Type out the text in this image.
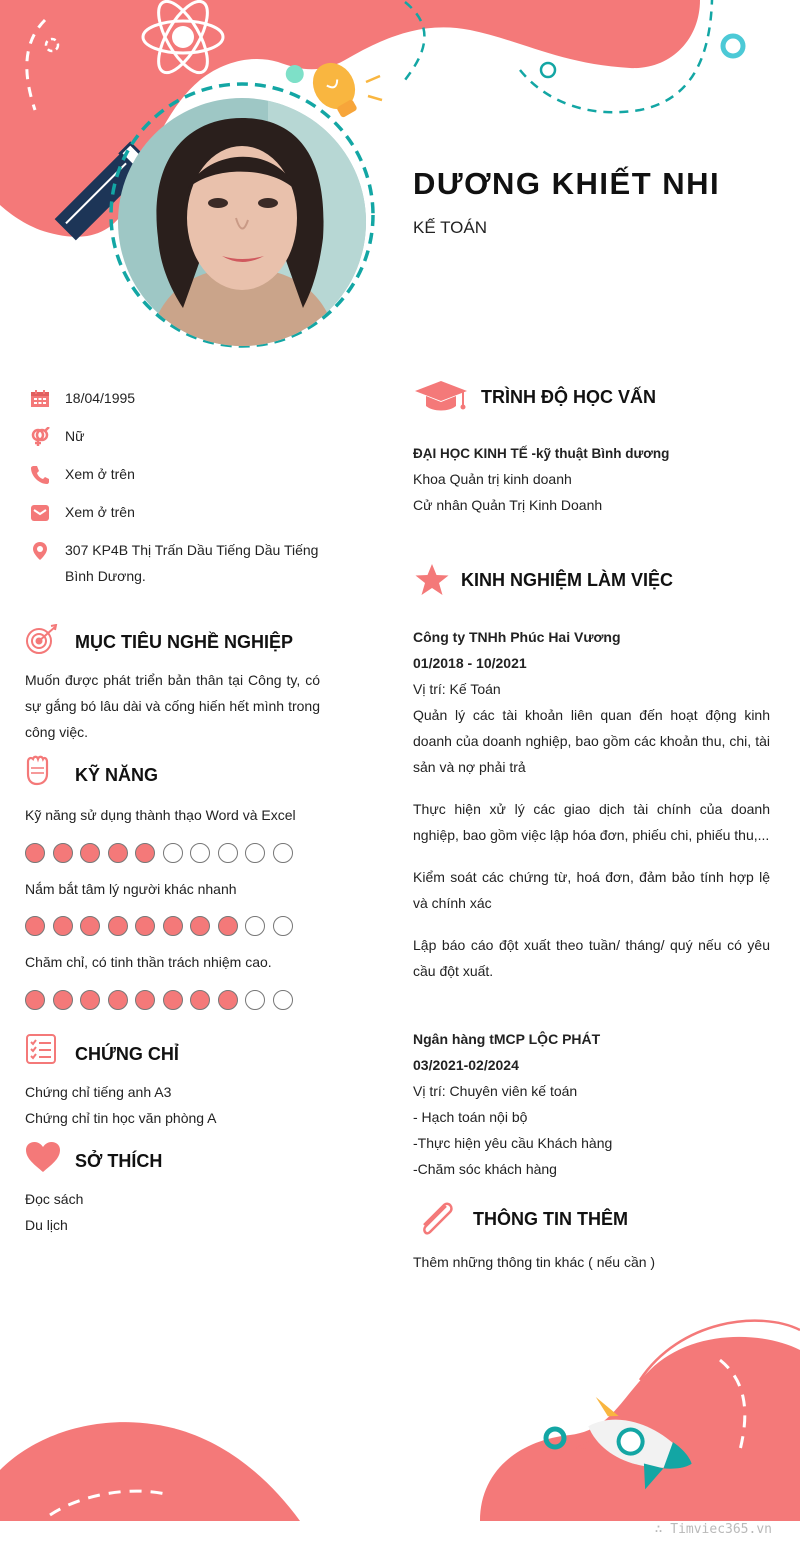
DƯƠNG KHIẾT NHI
KẾ TOÁN
18/04/1995
Nữ
Xem ở trên
Xem ở trên
307 KP4B Thị Trấn Dầu Tiếng Dầu Tiếng Bình Dương.
MỤC TIÊU NGHỀ NGHIỆP
Muốn được phát triển bản thân tại Công ty, có sự gắng bó lâu dài và cống hiến hết mình trong công việc.
KỸ NĂNG
Kỹ năng sử dụng thành thạo Word và Excel
Nắm bắt tâm lý người khác nhanh
Chăm chỉ, có tinh thần trách nhiệm cao.
CHỨNG CHỈ
Chứng chỉ tiếng anh A3
Chứng chỉ tin học văn phòng A
SỞ THÍCH
Đọc sách
Du lịch
TRÌNH ĐỘ HỌC VẤN
ĐẠI HỌC KINH TẾ -kỹ thuật Bình dương
Khoa Quản trị kinh doanh
Cử nhân Quản Trị Kinh Doanh
KINH NGHIỆM LÀM VIỆC

Công ty TNHh Phúc Hai Vương

01/2018 - 10/2021

Vị trí: Kế Toán

Quản lý các tài khoản liên quan đến hoạt động kinh doanh của doanh nghiệp, bao gồm các khoản thu, chi, tài sản và nợ phải trả

Thực hiện xử lý các giao dịch tài chính của doanh nghiệp, bao gồm việc lập hóa đơn, phiếu chi, phiếu thu,...

Kiểm soát các chứng từ, hoá đơn, đảm bảo tính hợp lệ và chính xác

Lập báo cáo đột xuất theo tuần/ tháng/ quý nếu có yêu cầu đột xuất.

Ngân hàng tMCP LỘC PHÁT

03/2021-02/2024

Vị trí: Chuyên viên kế toán

- Hạch toán nội bộ

-Thực hiện yêu cầu Khách hàng

-Chăm sóc khách hàng

THÔNG TIN THÊM
Thêm những thông tin khác ( nếu cần )
∴ Timviec365.vn
